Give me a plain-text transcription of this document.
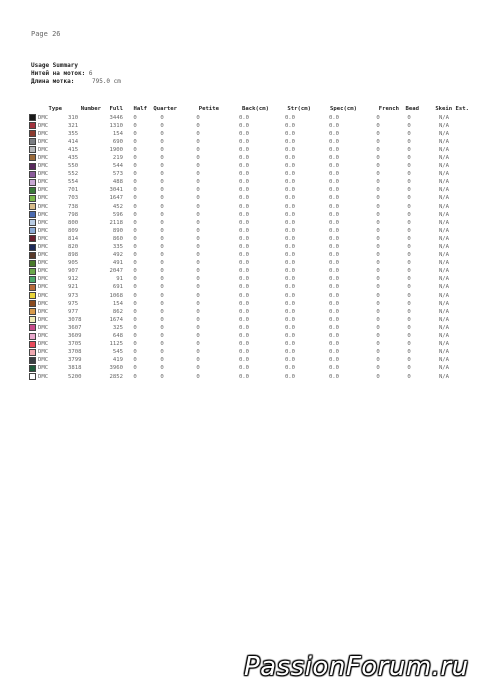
Page 26
Usage Summary
Нитей на моток: 6
Длина мотка:	795.0 cm
	Type	Number	Full	Half	Quarter	Petite	Back(cm)	Str(cm)	Spec(cm)	French	Bead	Skein Est.
	DMC	310	3446	0	0	0	0.0	0.0	0.0	0	0	N/A
	DMC	321	1310	0	0	0	0.0	0.0	0.0	0	0	N/A
	DMC	355	154	0	0	0	0.0	0.0	0.0	0	0	N/A
	DMC	414	690	0	0	0	0.0	0.0	0.0	0	0	N/A
	DMC	415	1900	0	0	0	0.0	0.0	0.0	0	0	N/A
	DMC	435	219	0	0	0	0.0	0.0	0.0	0	0	N/A
	DMC	550	544	0	0	0	0.0	0.0	0.0	0	0	N/A
	DMC	552	573	0	0	0	0.0	0.0	0.0	0	0	N/A
	DMC	554	488	0	0	0	0.0	0.0	0.0	0	0	N/A
	DMC	701	3041	0	0	0	0.0	0.0	0.0	0	0	N/A
	DMC	703	1647	0	0	0	0.0	0.0	0.0	0	0	N/A
	DMC	738	452	0	0	0	0.0	0.0	0.0	0	0	N/A
	DMC	798	596	0	0	0	0.0	0.0	0.0	0	0	N/A
	DMC	800	2118	0	0	0	0.0	0.0	0.0	0	0	N/A
	DMC	809	890	0	0	0	0.0	0.0	0.0	0	0	N/A
	DMC	814	860	0	0	0	0.0	0.0	0.0	0	0	N/A
	DMC	820	335	0	0	0	0.0	0.0	0.0	0	0	N/A
	DMC	898	492	0	0	0	0.0	0.0	0.0	0	0	N/A
	DMC	905	491	0	0	0	0.0	0.0	0.0	0	0	N/A
	DMC	907	2047	0	0	0	0.0	0.0	0.0	0	0	N/A
	DMC	912	91	0	0	0	0.0	0.0	0.0	0	0	N/A
	DMC	921	691	0	0	0	0.0	0.0	0.0	0	0	N/A
	DMC	973	1068	0	0	0	0.0	0.0	0.0	0	0	N/A
	DMC	975	154	0	0	0	0.0	0.0	0.0	0	0	N/A
	DMC	977	862	0	0	0	0.0	0.0	0.0	0	0	N/A
	DMC	3078	1674	0	0	0	0.0	0.0	0.0	0	0	N/A
	DMC	3607	325	0	0	0	0.0	0.0	0.0	0	0	N/A
	DMC	3609	648	0	0	0	0.0	0.0	0.0	0	0	N/A
	DMC	3705	1125	0	0	0	0.0	0.0	0.0	0	0	N/A
	DMC	3708	545	0	0	0	0.0	0.0	0.0	0	0	N/A
	DMC	3799	419	0	0	0	0.0	0.0	0.0	0	0	N/A
	DMC	3818	3960	0	0	0	0.0	0.0	0.0	0	0	N/A
	DMC	5200	2852	0	0	0	0.0	0.0	0.0	0	0	N/A
PassionForum.ru
